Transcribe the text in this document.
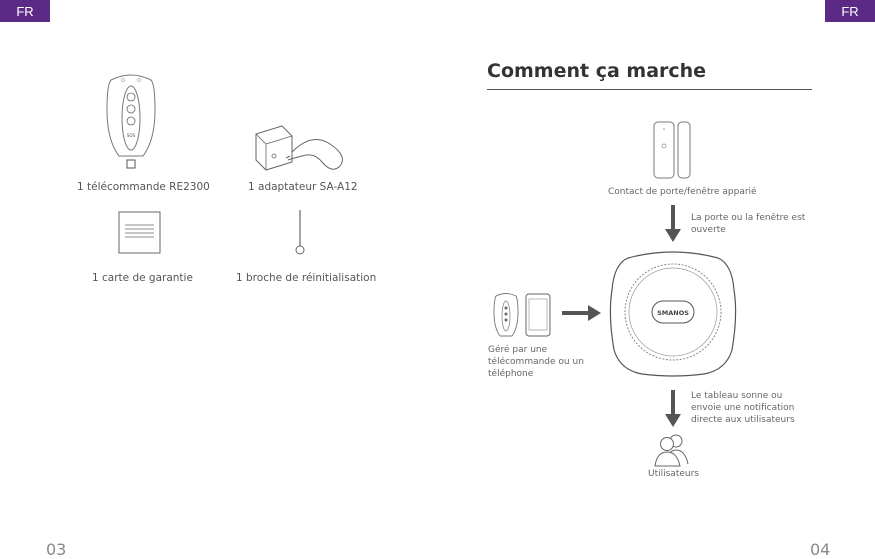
FR	FR
SOS
1 télécommande RE2300	1 adaptateur SA-A12
1 carte de garantie	1 broche de réinitialisation
03
Comment ça marche
Contact de porte/fenêtre apparié
La porte ou la fenêtre est ouverte
SMANOS
Géré par une télécommande ou un téléphone
Le tableau sonne ou envoie une notification directe aux utilisateurs
Utilisateurs
04
